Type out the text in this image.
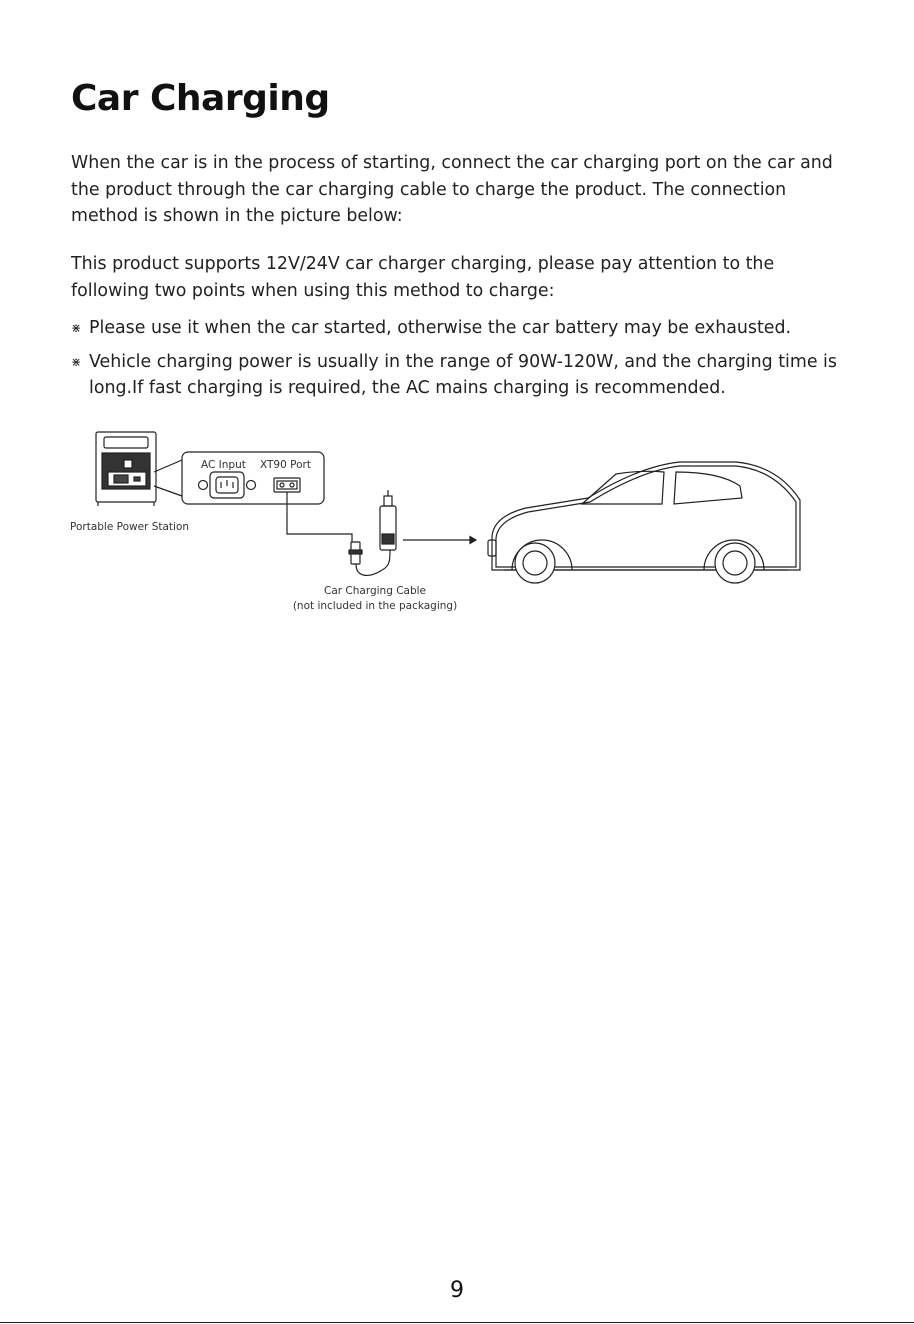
Car Charging

When the car is in the process of starting, connect the car charging port on the car and the product through the car charging cable to charge the product. The connection method is shown in the picture below:

This product supports 12V/24V car charger charging, please pay attention to the following two points when using this method to charge:

⋇ Please use it when the car started, otherwise the car battery may be exhausted.
⋇ Vehicle charging power is usually in the range of 90W-120W, and the charging time is long.If fast charging is required, the AC mains charging is recommended.
Portable Power Station
AC Input XT90 Port
Car Charging Cable
(not included in the packaging)
9
